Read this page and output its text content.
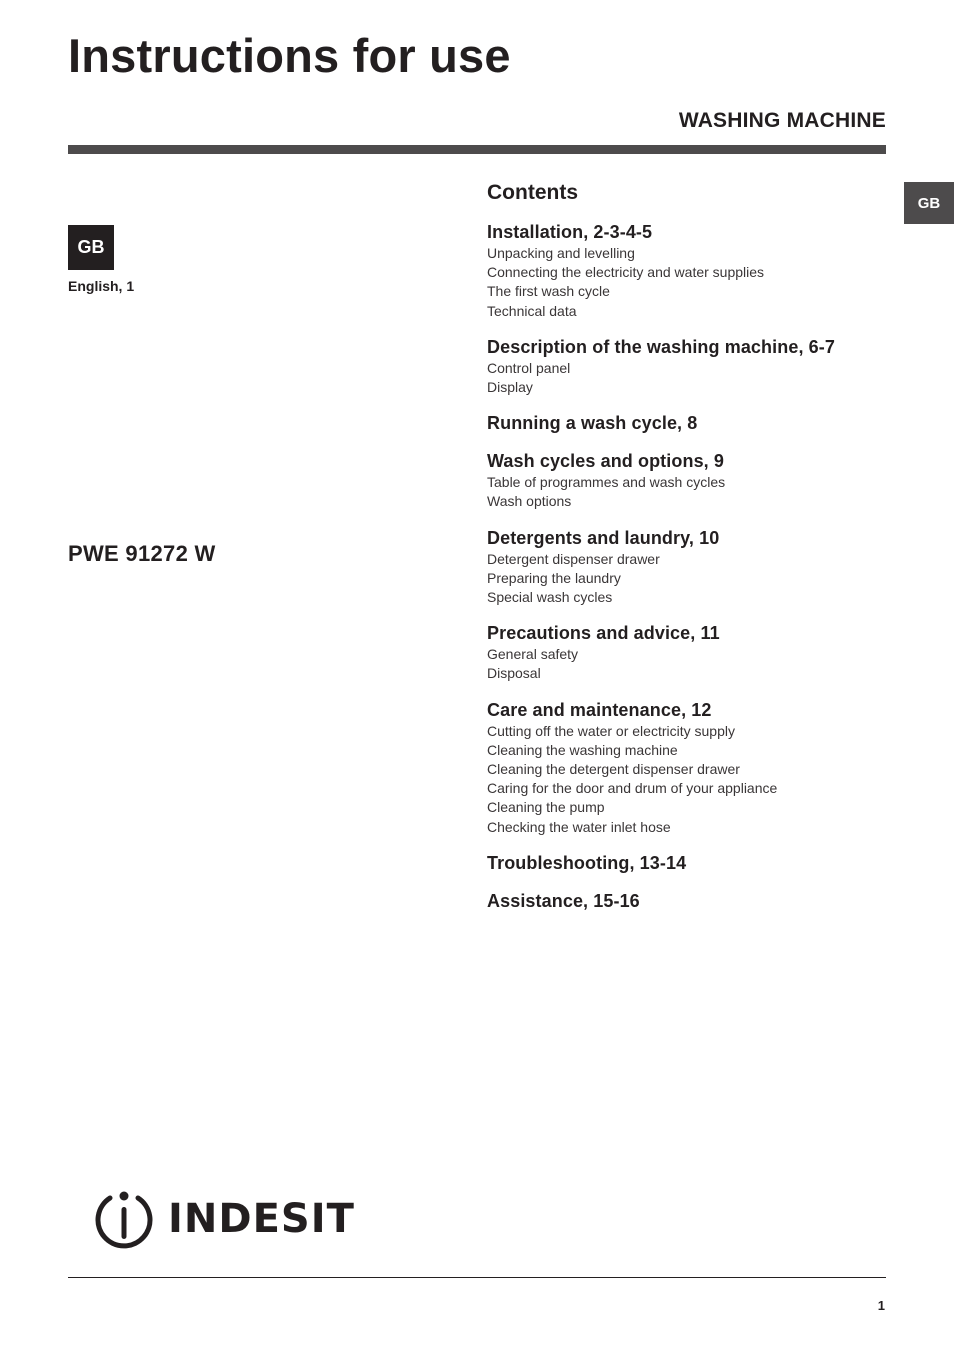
Instructions for use
WASHING MACHINE
GB
GB
English, 1
PWE 91272 W
Contents
Installation, 2-3-4-5
Unpacking and levelling
Connecting the electricity and water supplies
The first wash cycle
Technical data
Description of the washing machine, 6-7
Control panel
Display
Running a wash cycle, 8
Wash cycles and options, 9
Table of programmes and wash cycles
Wash options
Detergents and laundry, 10
Detergent dispenser drawer
Preparing the laundry
Special wash cycles
Precautions and advice, 11
General safety
Disposal
Care and maintenance, 12
Cutting off the water or electricity supply
Cleaning the washing machine
Cleaning the detergent dispenser drawer
Caring for the door and drum of your appliance
Cleaning the pump
Checking the water inlet hose
Troubleshooting, 13-14
Assistance, 15-16
INDESIT
1
